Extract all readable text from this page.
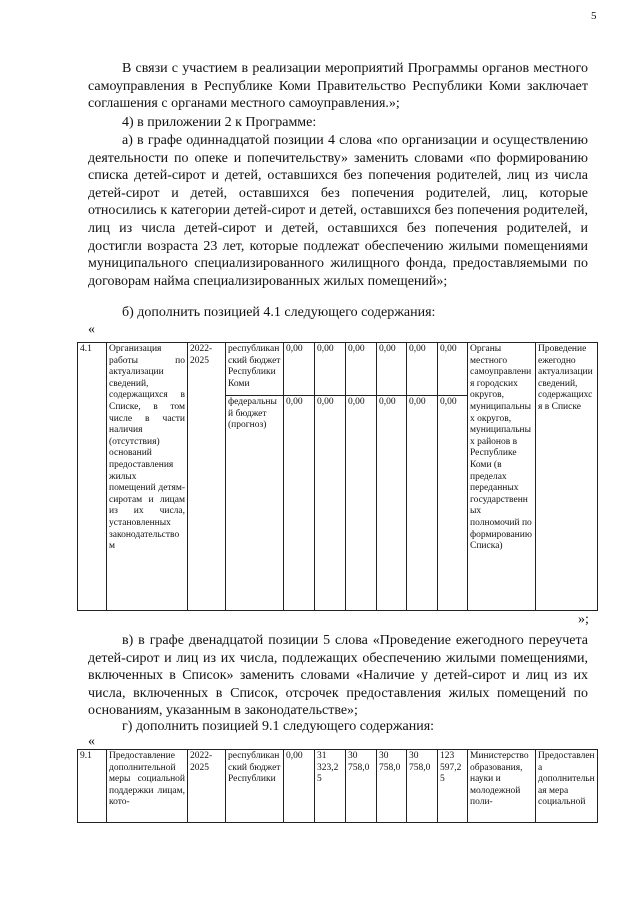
5

В связи с участием в реализации мероприятий Программы органов местного самоуправления в Республике Коми Правительство Республики Коми заключает соглашения с органами местного самоуправления.»;

4) в приложении 2 к Программе:

а) в графе одиннадцатой позиции 4 слова «по организации и осуществлению деятельности по опеке и попечительству» заменить словами «по формированию списка детей-сирот и детей, оставшихся без попечения родителей, лиц из числа детей-сирот и детей, оставшихся без попечения родителей, лиц, которые относились к категории детей-сирот и детей, оставшихся без попечения родителей, лиц из числа детей-сирот и детей, оставшихся без попечения родителей, и достигли возраста 23 лет, которые подлежат обеспечению жилыми помещениями муниципального специализированного жилищного фонда, предоставляемыми по договорам найма специализированных жилых помещений»;

б) дополнить позицией 4.1 следующего содержания:

«
4.1	Организация работы по актуализации сведений, содержащихся в Списке, в том числе в части наличия (отсутствия) оснований предоставления жилых помещений детям-сиротам и лицам из их числа, установленных законодательством	2022-2025	республиканский бюджет Республики Коми	0,00	0,00	0,00	0,00	0,00	0,00	Органы местного самоуправления городских округов, муниципальных округов, муниципальных районов в Республике Коми (в пределах переданных государственных полномочий по формированию Списка)	Проведение ежегодно актуализации сведений, содержащихся в Списке
			федеральный бюджет (прогноз)	0,00	0,00	0,00	0,00	0,00	0,00		
»;

в) в графе двенадцатой позиции 5 слова «Проведение ежегодного переучета детей-сирот и лиц из их числа, подлежащих обеспечению жилыми помещениями, включенных в Список» заменить словами «Наличие у детей-сирот и лиц из их числа, включенных в Список, отсрочек предоставления жилых помещений по основаниям, указанным в законодательстве»;

г) дополнить позицией 9.1 следующего содержания:

«
9.1	Предоставление дополнительной меры социальной поддержки лицам, кото-	2022-2025	республиканский бюджет Республики	0,00	31 323,25	30 758,0	30 758,0	30 758,0	123 597,25	Министерство образования, науки и молодежной поли-	Предоставлена дополнительная мера социальной
